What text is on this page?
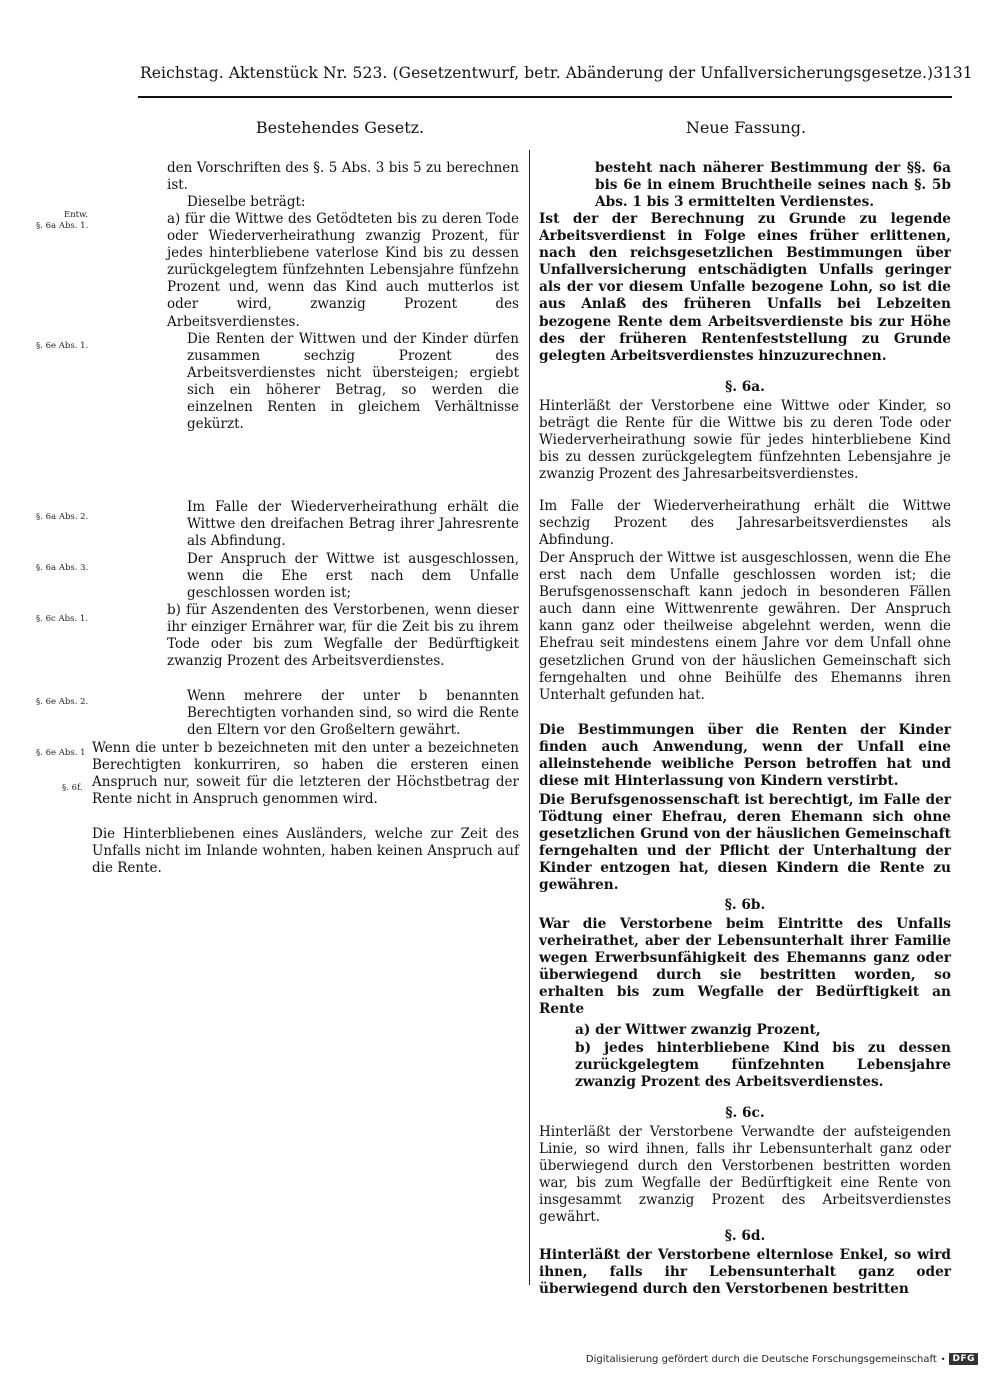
Reichstag. Aktenstück Nr. 523. (Gesetzentwurf, betr. Abänderung der Unfallversicherungsgesetze.) 3131
Bestehendes Gesetz.	Neue Fassung.
Entw.
§. 6a Abs. 1.
§. 6e Abs. 1.
§. 6a Abs. 2.
§. 6a Abs. 3.
§. 6c Abs. 1.
§. 6e Abs. 2.
§. 6e Abs. 1
§. 6f.
den Vorschriften des §. 5 Abs. 3 bis 5 zu berechnen ist.
Dieselbe beträgt:
a) für die Wittwe des Getödteten bis zu deren Tode oder Wiederverheirathung zwanzig Prozent, für jedes hinterbliebene vaterlose Kind bis zu dessen zurückgelegtem fünfzehnten Lebensjahre fünfzehn Prozent und, wenn das Kind auch mutterlos ist oder wird, zwanzig Prozent des Arbeitsverdienstes.
Die Renten der Wittwen und der Kinder dürfen zusammen sechzig Prozent des Arbeitsverdienstes nicht übersteigen; ergiebt sich ein höherer Betrag, so werden die einzelnen Renten in gleichem Verhältnisse gekürzt.
Im Falle der Wiederverheirathung erhält die Wittwe den dreifachen Betrag ihrer Jahresrente als Abfindung.
Der Anspruch der Wittwe ist ausgeschlossen, wenn die Ehe erst nach dem Unfalle geschlossen worden ist;
b) für Aszendenten des Verstorbenen, wenn dieser ihr einziger Ernährer war, für die Zeit bis zu ihrem Tode oder bis zum Wegfalle der Bedürftigkeit zwanzig Prozent des Arbeitsverdienstes.
Wenn mehrere der unter b benannten Berechtigten vorhanden sind, so wird die Rente den Eltern vor den Großeltern gewährt.
Wenn die unter b bezeichneten mit den unter a bezeichneten Berechtigten konkurriren, so haben die ersteren einen Anspruch nur, soweit für die letzteren der Höchstbetrag der Rente nicht in Anspruch genommen wird.
Die Hinterbliebenen eines Ausländers, welche zur Zeit des Unfalls nicht im Inlande wohnten, haben keinen Anspruch auf die Rente.
besteht nach näherer Bestimmung der §§. 6a bis 6e in einem Bruchtheile seines nach §. 5b Abs. 1 bis 3 ermittelten Verdienstes.
Ist der der Berechnung zu Grunde zu legende Arbeitsverdienst in Folge eines früher erlittenen, nach den reichsgesetzlichen Bestimmungen über Unfallversicherung entschädigten Unfalls geringer als der vor diesem Unfalle bezogene Lohn, so ist die aus Anlaß des früheren Unfalls bei Lebzeiten bezogene Rente dem Arbeitsverdienste bis zur Höhe des der früheren Rentenfeststellung zu Grunde gelegten Arbeitsverdienstes hinzuzurechnen.
§. 6a.
Hinterläßt der Verstorbene eine Wittwe oder Kinder, so beträgt die Rente für die Wittwe bis zu deren Tode oder Wiederverheirathung sowie für jedes hinterbliebene Kind bis zu dessen zurückgelegtem fünfzehnten Lebensjahre je zwanzig Prozent des Jahresarbeitsverdienstes.
Im Falle der Wiederverheirathung erhält die Wittwe sechzig Prozent des Jahresarbeitsverdienstes als Abfindung.
Der Anspruch der Wittwe ist ausgeschlossen, wenn die Ehe erst nach dem Unfalle geschlossen worden ist; die Berufsgenossenschaft kann jedoch in besonderen Fällen auch dann eine Wittwenrente gewähren. Der Anspruch kann ganz oder theilweise abgelehnt werden, wenn die Ehefrau seit mindestens einem Jahre vor dem Unfall ohne gesetzlichen Grund von der häuslichen Gemeinschaft sich ferngehalten und ohne Beihülfe des Ehemanns ihren Unterhalt gefunden hat.
Die Bestimmungen über die Renten der Kinder finden auch Anwendung, wenn der Unfall eine alleinstehende weibliche Person betroffen hat und diese mit Hinterlassung von Kindern verstirbt.
Die Berufsgenossenschaft ist berechtigt, im Falle der Tödtung einer Ehefrau, deren Ehemann sich ohne gesetzlichen Grund von der häuslichen Gemeinschaft ferngehalten und der Pflicht der Unterhaltung der Kinder entzogen hat, diesen Kindern die Rente zu gewähren.
§. 6b.
War die Verstorbene beim Eintritte des Unfalls verheirathet, aber der Lebensunterhalt ihrer Familie wegen Erwerbsunfähigkeit des Ehemanns ganz oder überwiegend durch sie bestritten worden, so erhalten bis zum Wegfalle der Bedürftigkeit an Rente
a) der Wittwer zwanzig Prozent,
b) jedes hinterbliebene Kind bis zu dessen zurückgelegtem fünfzehnten Lebensjahre zwanzig Prozent des Arbeitsverdienstes.
§. 6c.
Hinterläßt der Verstorbene Verwandte der aufsteigenden Linie, so wird ihnen, falls ihr Lebensunterhalt ganz oder überwiegend durch den Verstorbenen bestritten worden war, bis zum Wegfalle der Bedürftigkeit eine Rente von insgesammt zwanzig Prozent des Arbeitsverdienstes gewährt.
§. 6d.
Hinterläßt der Verstorbene elternlose Enkel, so wird ihnen, falls ihr Lebensunterhalt ganz oder überwiegend durch den Verstorbenen bestritten
Digitalisierung gefördert durch die Deutsche Forschungsgemeinschaft • DFG
